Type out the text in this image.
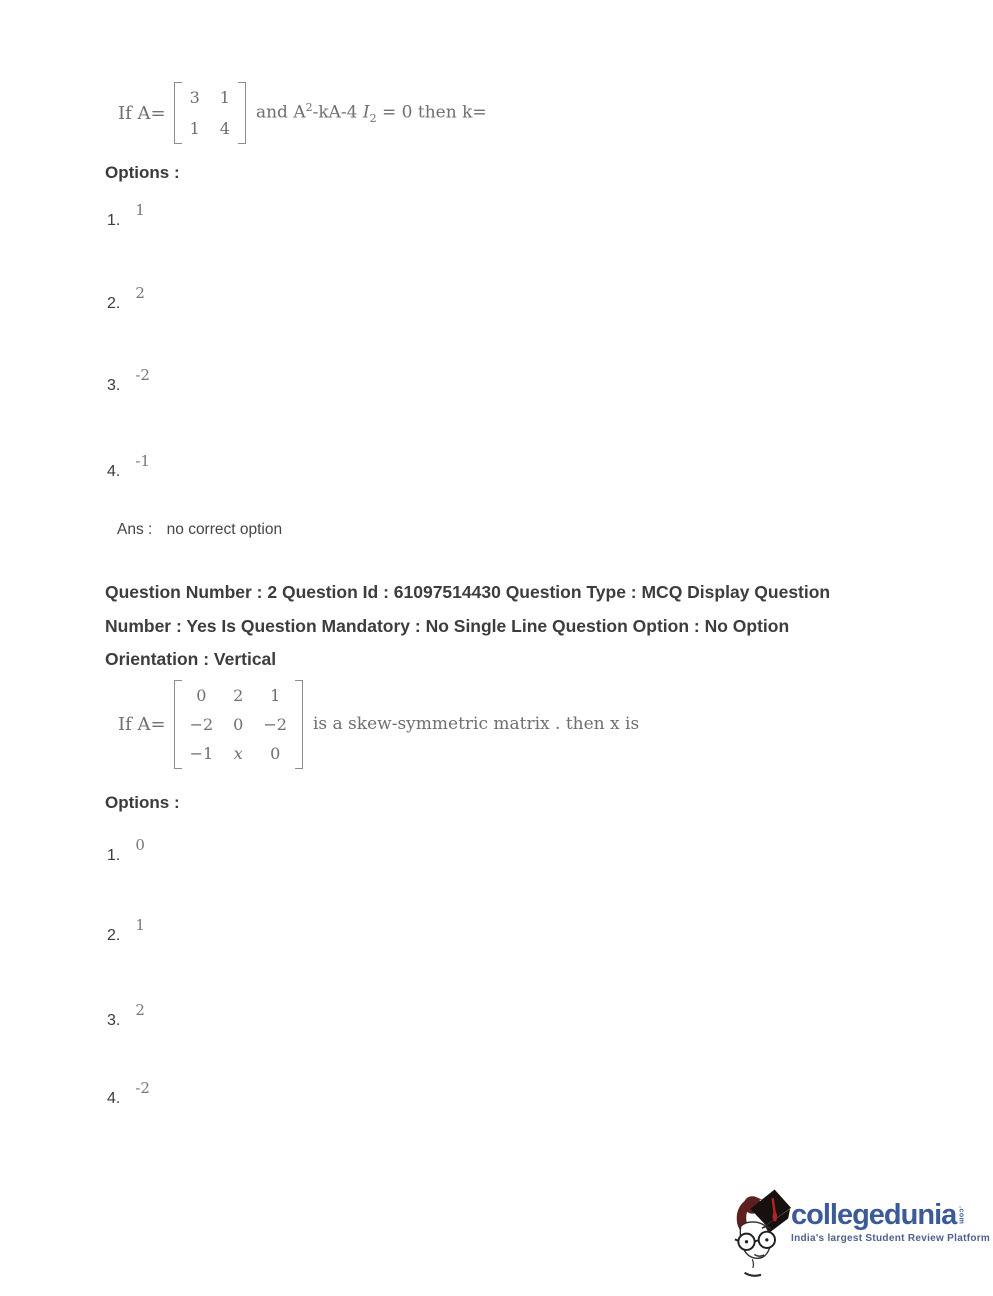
If A=
3 1
1 4
and $A^2-kA-4$ $I_2 = 0$ then k=
Options :
1.
1
2.
2
3.
-2
4.
-1
Ans : no correct option
Question Number : 2 Question Id : 61097514430 Question Type : MCQ Display Question
Number : Yes Is Question Mandatory : No Single Line Question Option : No Option
Orientation : Vertical
If A=
0 2 1
−2 0 −2
−1 x 0
is a skew-symmetric matrix . then x is
Options :
1.
0
2.
1
3.
2
4.
-2
collegedunia .com
India's largest Student Review Platform
